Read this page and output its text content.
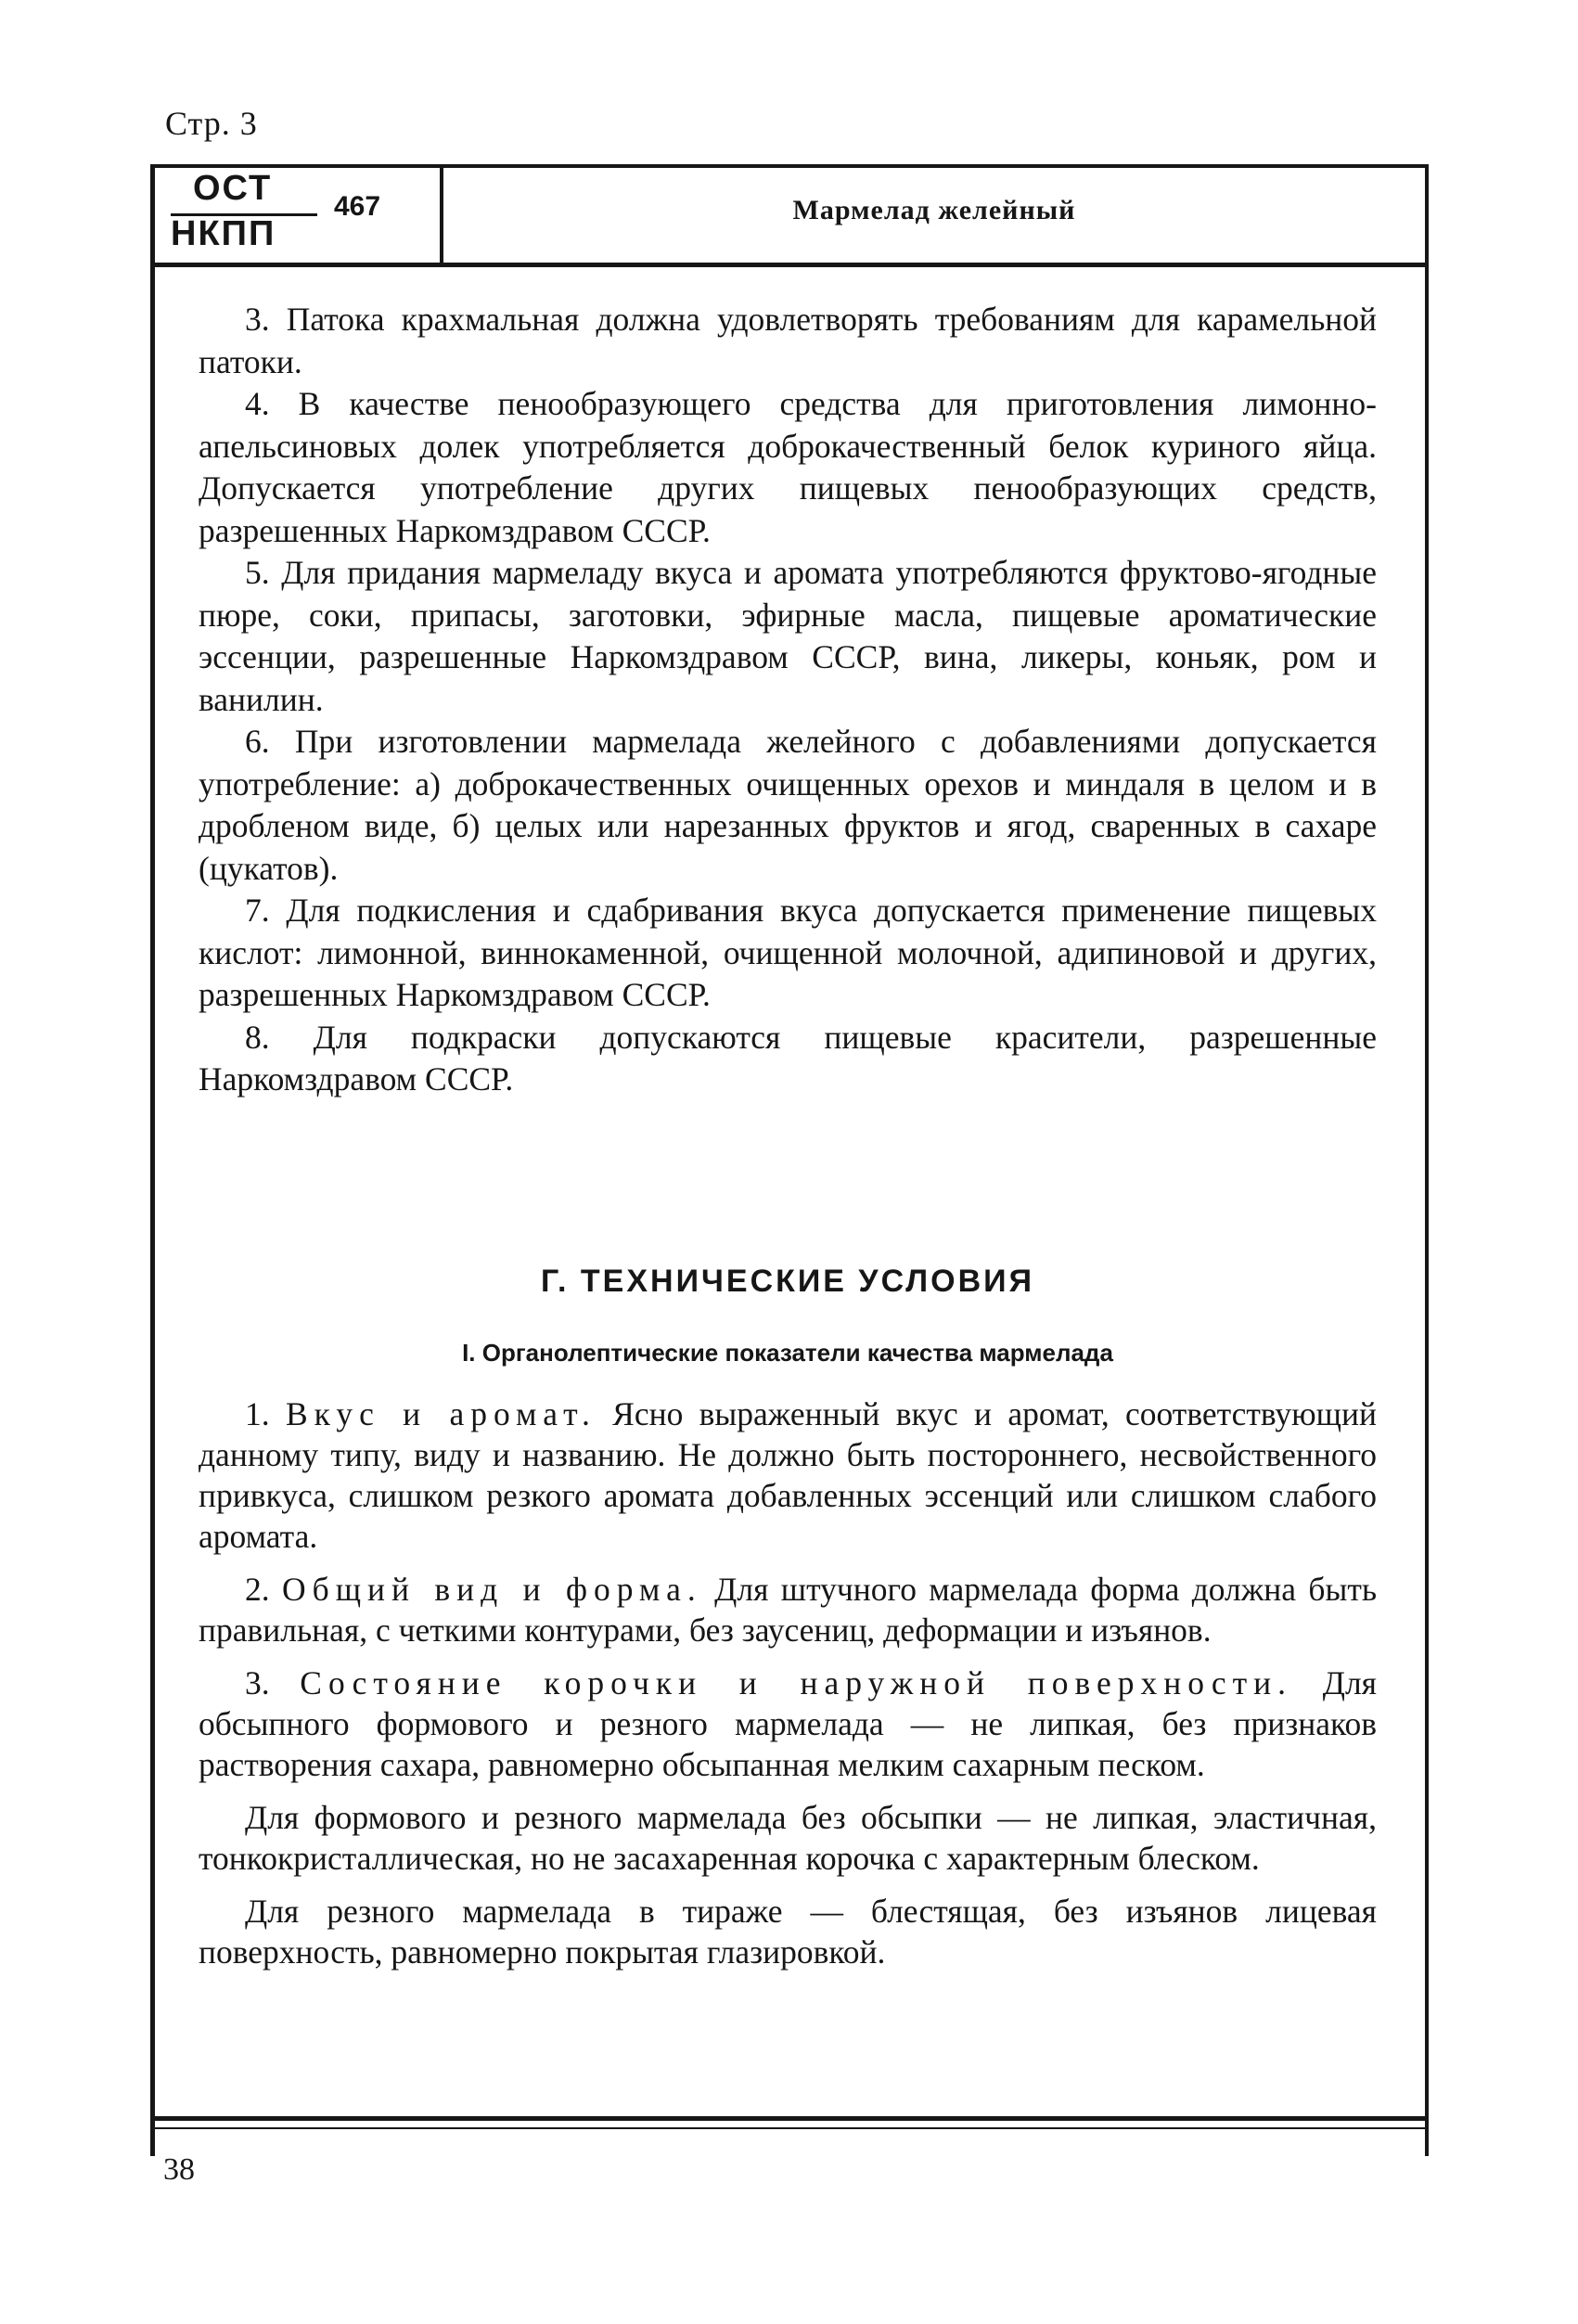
Стр. 3
ОСТ
НКПП
467	Мармелад желейный

3. Патока крахмальная должна удовлетворять требованиям для карамельной патоки.

4. В качестве пенообразующего средства для приготовления лимонно-апельсиновых долек употребляется доброкачественный белок куриного яйца. Допускается употребление других пищевых пенообразующих средств, разрешенных Наркомздравом СССР.

5. Для придания мармеладу вкуса и аромата употребляются фруктово-ягодные пюре, соки, припасы, заготовки, эфирные масла, пищевые ароматические эссенции, разрешенные Наркомздравом СССР, вина, ликеры, коньяк, ром и ванилин.

6. При изготовлении мармелада желейного с добавлениями допускается употребление: а) доброкачественных очищенных орехов и миндаля в целом и в дробленом виде, б) целых или нарезанных фруктов и ягод, сваренных в сахаре (цукатов).

7. Для подкисления и сдабривания вкуса допускается применение пищевых кислот: лимонной, виннокаменной, очищенной молочной, адипиновой и других, разрешенных Наркомздравом СССР.

8. Для подкраски допускаются пищевые красители, разрешенные Наркомздравом СССР.

Г. ТЕХНИЧЕСКИЕ УСЛОВИЯ
I. Органолептические показатели качества мармелада

1. Вкус и аромат. Ясно выраженный вкус и аромат, соответствующий данному типу, виду и названию. Не должно быть постороннего, несвойственного привкуса, слишком резкого аромата добавленных эссенций или слишком слабого аромата.

2. Общий вид и форма. Для штучного мармелада форма должна быть правильная, с четкими контурами, без заусениц, деформации и изъянов.

3. Состояние корочки и наружной поверхности. Для обсыпного формового и резного мармелада — не липкая, без признаков растворения сахара, равномерно обсыпанная мелким сахарным песком.

Для формового и резного мармелада без обсыпки — не липкая, эластичная, тонкокристаллическая, но не засахаренная корочка с характерным блеском.

Для резного мармелада в тираже — блестящая, без изъянов лицевая поверхность, равномерно покрытая глазировкой.

38
